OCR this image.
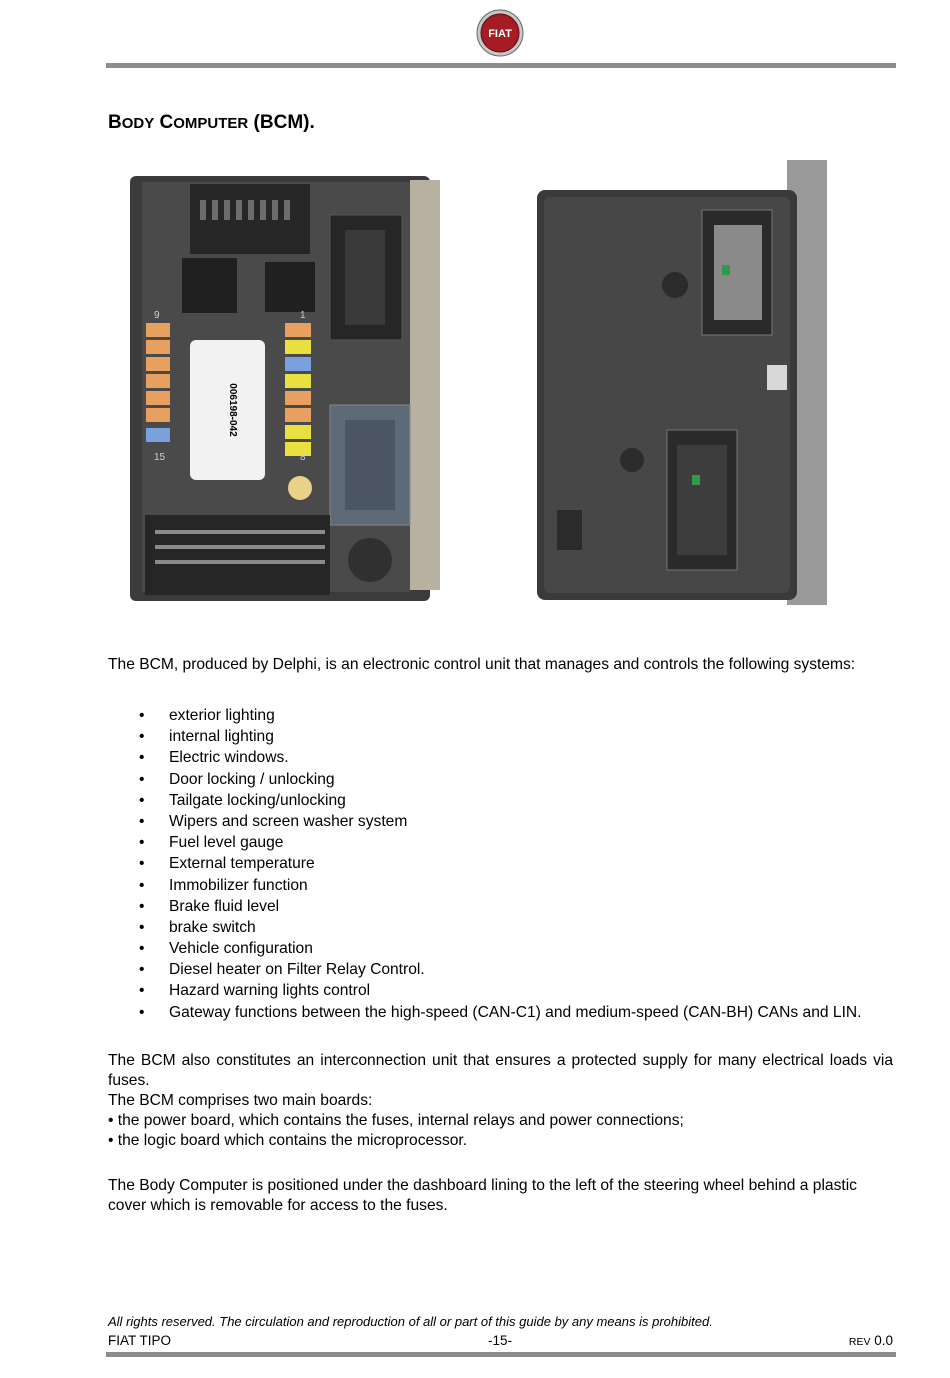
FIAT
BODY COMPUTER (BCM).
006198-042
9
15	8
1

The BCM, produced by Delphi, is an electronic control unit that manages and controls the following systems:

• exterior lighting
• internal lighting
• Electric windows.
• Door locking / unlocking
• Tailgate locking/unlocking
• Wipers and screen washer system
• Fuel level gauge
• External temperature
• Immobilizer function
• Brake fluid level
• brake switch
• Vehicle configuration
• Diesel heater on Filter Relay Control.
• Hazard warning lights control
• Gateway functions between the high-speed (CAN-C1) and medium-speed (CAN-BH) CANs and LIN.
The BCM also constitutes an interconnection unit that ensures a protected supply for many electrical loads via fuses.
The BCM comprises two main boards:
• the power board, which contains the fuses, internal relays and power connections;
• the logic board which contains the microprocessor.

The Body Computer is positioned under the dashboard lining to the left of the steering wheel behind a plastic cover which is removable for access to the fuses.

All rights reserved. The circulation and reproduction of all or part of this guide by any means is prohibited.
FIAT TIPO	-15-	REV 0.0
